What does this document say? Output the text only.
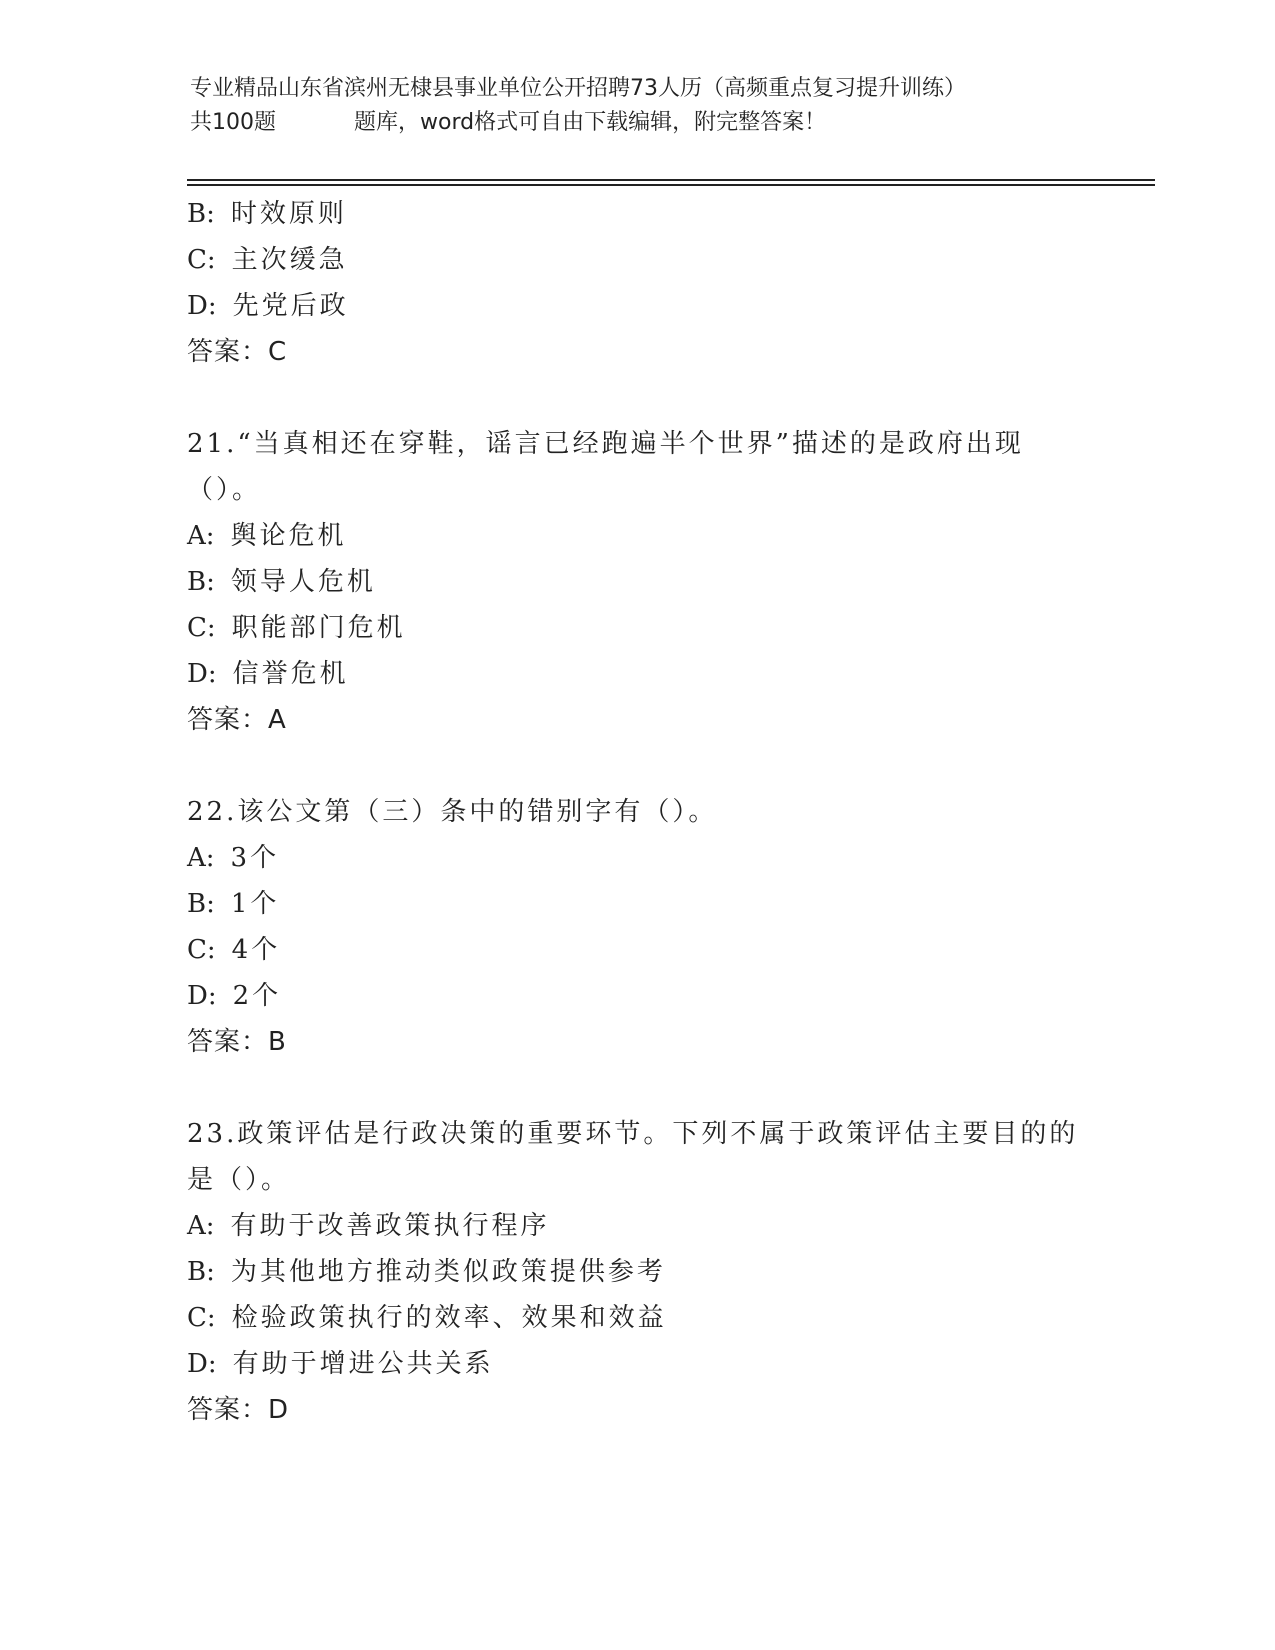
专业精品山东省滨州无棣县事业单位公开招聘73人历（高频重点复习提升训练）
共100题	题库，word格式可自由下载编辑，附完整答案！
B: 时效原则
C: 主次缓急
D: 先党后政
答案：C
21.“当真相还在穿鞋，谣言已经跑遍半个世界”描述的是政府出现（）。
A: 舆论危机
B: 领导人危机
C: 职能部门危机
D: 信誉危机
答案：A
22.该公文第（三）条中的错别字有（）。
A: 3个
B: 1个
C: 4个
D: 2个
答案：B
23.政策评估是行政决策的重要环节。下列不属于政策评估主要目的的是（）。
A: 有助于改善政策执行程序
B: 为其他地方推动类似政策提供参考
C: 检验政策执行的效率、效果和效益
D: 有助于增进公共关系
答案：D
